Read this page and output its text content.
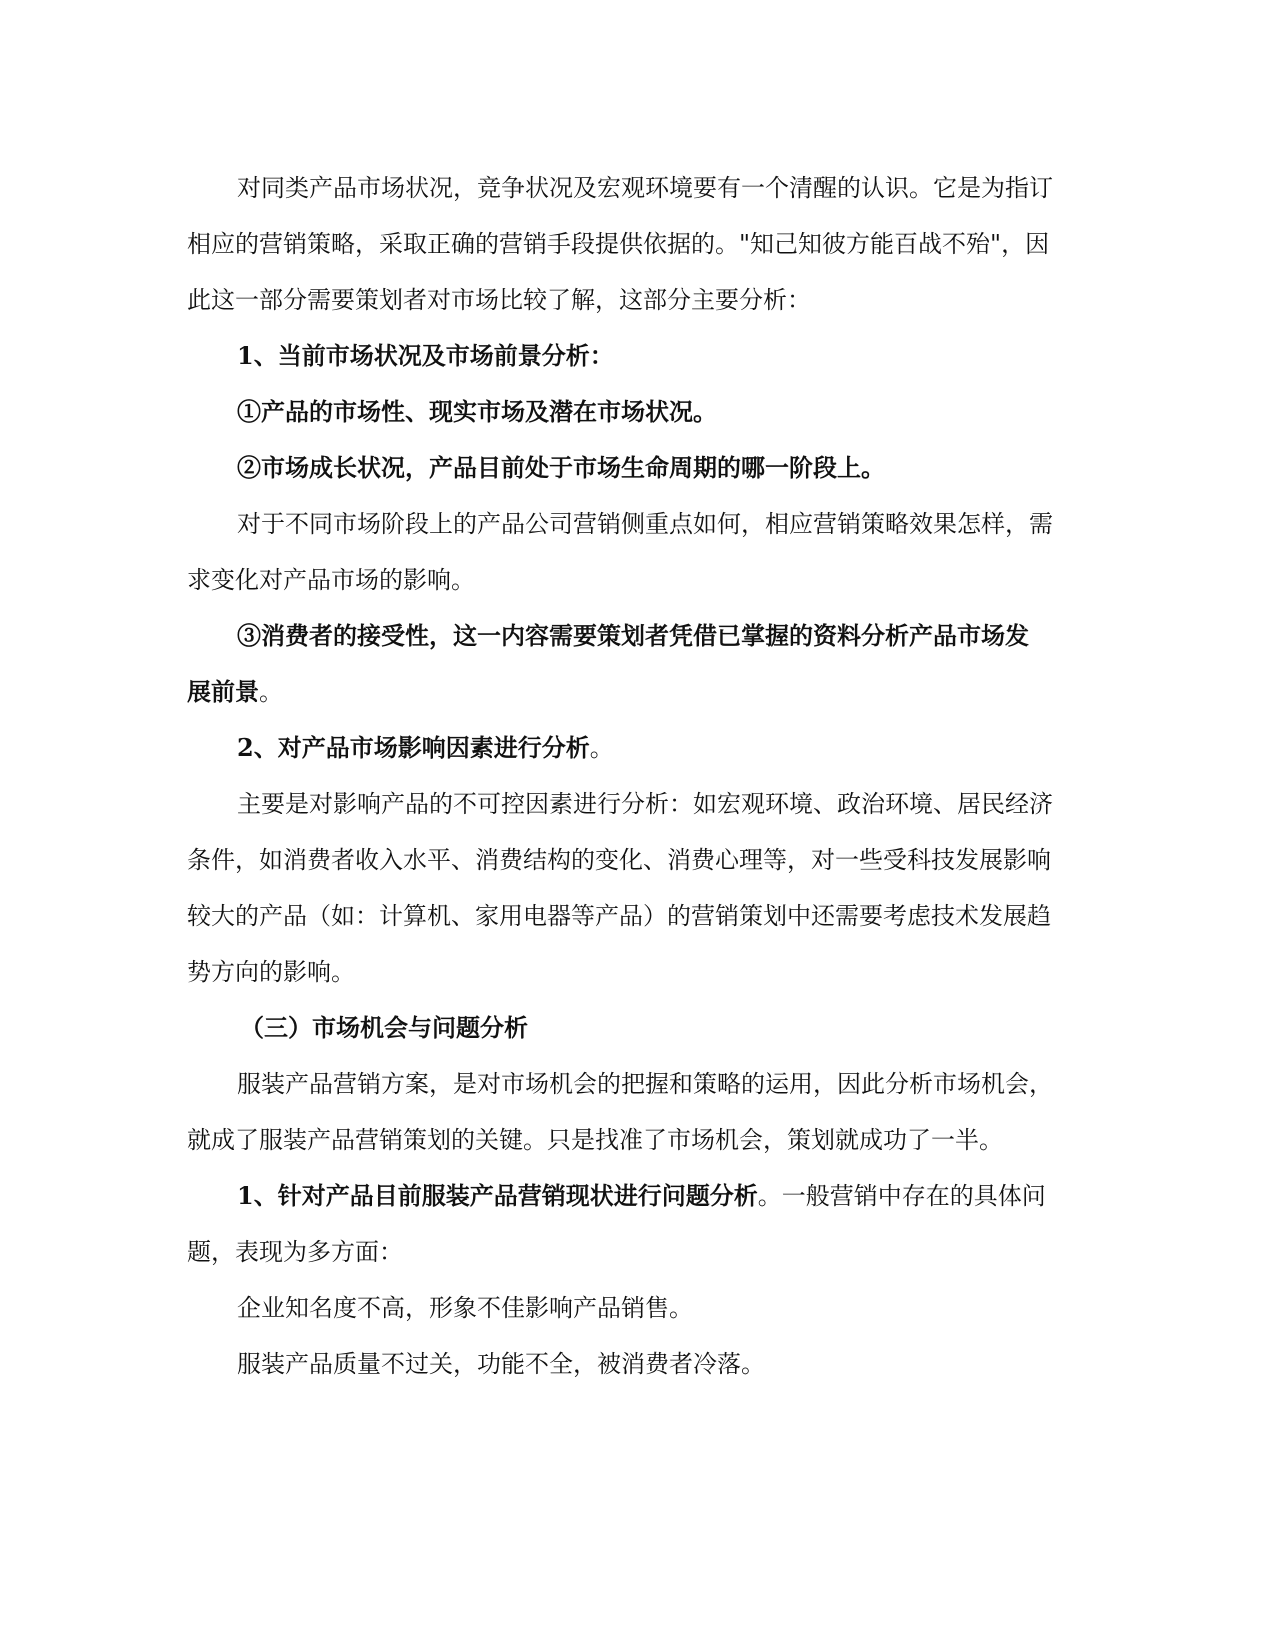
对同类产品市场状况，竞争状况及宏观环境要有一个清醒的认识。它是为指订
相应的营销策略，采取正确的营销手段提供依据的。"知己知彼方能百战不殆"，因
此这一部分需要策划者对市场比较了解，这部分主要分析：
1、当前市场状况及市场前景分析：
①产品的市场性、现实市场及潜在市场状况。
②市场成长状况，产品目前处于市场生命周期的哪一阶段上。
对于不同市场阶段上的产品公司营销侧重点如何，相应营销策略效果怎样，需
求变化对产品市场的影响。
③消费者的接受性，这一内容需要策划者凭借已掌握的资料分析产品市场发
展前景。
2、对产品市场影响因素进行分析。
主要是对影响产品的不可控因素进行分析：如宏观环境、政治环境、居民经济
条件，如消费者收入水平、消费结构的变化、消费心理等，对一些受科技发展影响
较大的产品（如：计算机、家用电器等产品）的营销策划中还需要考虑技术发展趋
势方向的影响。
（三）市场机会与问题分析
服装产品营销方案，是对市场机会的把握和策略的运用，因此分析市场机会，
就成了服装产品营销策划的关键。只是找准了市场机会，策划就成功了一半。
1、针对产品目前服装产品营销现状进行问题分析。一般营销中存在的具体问
题，表现为多方面：
企业知名度不高，形象不佳影响产品销售。
服装产品质量不过关，功能不全，被消费者冷落。
